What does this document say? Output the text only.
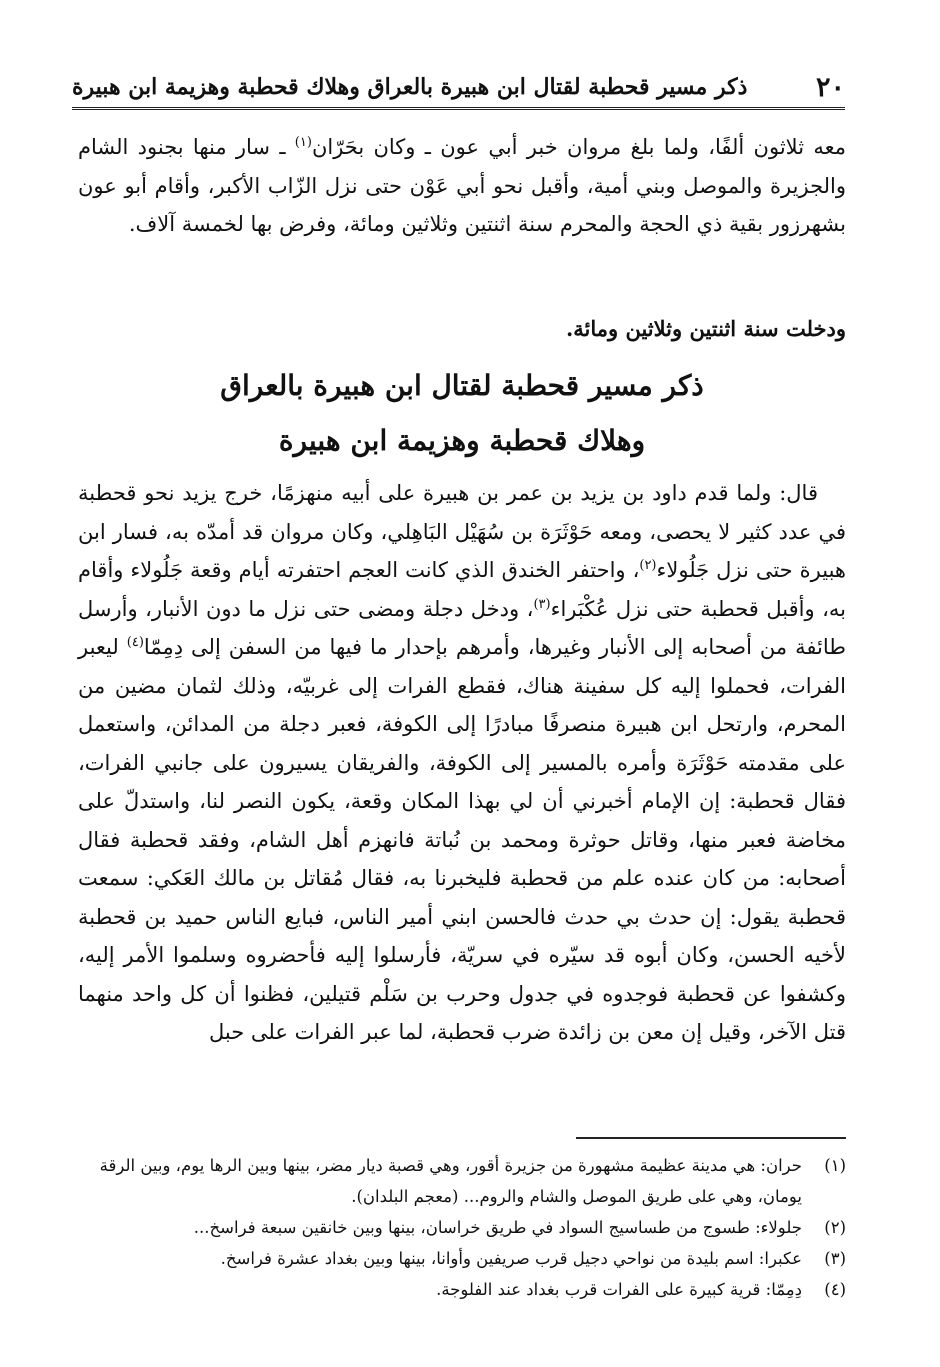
٢٠
ذكر مسير قحطبة لقتال ابن هبيرة بالعراق وهلاك قحطبة وهزيمة ابن هبيرة

معه ثلاثون ألفًا، ولما بلغ مروان خبر أبي عون ـ وكان بحَرّان$^{(١)}$ ـ سار منها بجنود الشام والجزيرة والموصل وبني أمية، وأقبل نحو أبي عَوْن حتى نزل الزّاب الأكبر، وأقام أبو عون بشهرزور بقية ذي الحجة والمحرم سنة اثنتين وثلاثين ومائة، وفرض بها لخمسة آلاف.

ودخلت سنة اثنتين وثلاثين ومائة.

ذكر مسير قحطبة لقتال ابن هبيرة بالعراق
وهلاك قحطبة وهزيمة ابن هبيرة

قال: ولما قدم داود بن يزيد بن عمر بن هبيرة على أبيه منهزمًا، خرج يزيد نحو قحطبة في عدد كثير لا يحصى، ومعه حَوْثَرَة بن سُهَيْل البَاهِلي، وكان مروان قد أمدّه به، فسار ابن هبيرة حتى نزل جَلُولاء$^{(٢)}$، واحتفر الخندق الذي كانت العجم احتفرته أيام وقعة جَلُولاء وأقام به، وأقبل قحطبة حتى نزل عُكْبَراء$^{(٣)}$، ودخل دجلة ومضى حتى نزل ما دون الأنبار، وأرسل طائفة من أصحابه إلى الأنبار وغيرها، وأمرهم بإحدار ما فيها من السفن إلى دِمِمّا$^{(٤)}$ ليعبر الفرات، فحملوا إليه كل سفينة هناك، فقطع الفرات إلى غربيّه، وذلك لثمان مضين من المحرم، وارتحل ابن هبيرة منصرفًا مبادرًا إلى الكوفة، فعبر دجلة من المدائن، واستعمل على مقدمته حَوْثَرَة وأمره بالمسير إلى الكوفة، والفريقان يسيرون على جانبي الفرات، فقال قحطبة: إن الإمام أخبرني أن لي بهذا المكان وقعة، يكون النصر لنا، واستدلّ على مخاضة فعبر منها، وقاتل حوثرة ومحمد بن نُباتة فانهزم أهل الشام، وفقد قحطبة فقال أصحابه: من كان عنده علم من قحطبة فليخبرنا به، فقال مُقاتل بن مالك العَكي: سمعت قحطبة يقول: إن حدث بي حدث فالحسن ابني أمير الناس، فبايع الناس حميد بن قحطبة لأخيه الحسن، وكان أبوه قد سيّره في سريّة، فأرسلوا إليه فأحضروه وسلموا الأمر إليه، وكشفوا عن قحطبة فوجدوه في جدول وحرب بن سَلْم قتيلين، فظنوا أن كل واحد منهما قتل الآخر، وقيل إن معن بن زائدة ضرب قحطبة، لما عبر الفرات على حبل

(١)
حران: هي مدينة عظيمة مشهورة من جزيرة أقور، وهي قصبة ديار مضر، بينها وبين الرها يوم، وبين الرقة يومان، وهي على طريق الموصل والشام والروم... (معجم البلدان).
(٢)
جلولاء: طسوج من طساسيج السواد في طريق خراسان، بينها وبين خانقين سبعة فراسخ...
(٣)
عكبرا: اسم بليدة من نواحي دجيل قرب صريفين وأوانا، بينها وبين بغداد عشرة فراسخ.
(٤)
دِمِمّا: قرية كبيرة على الفرات قرب بغداد عند الفلوجة.
